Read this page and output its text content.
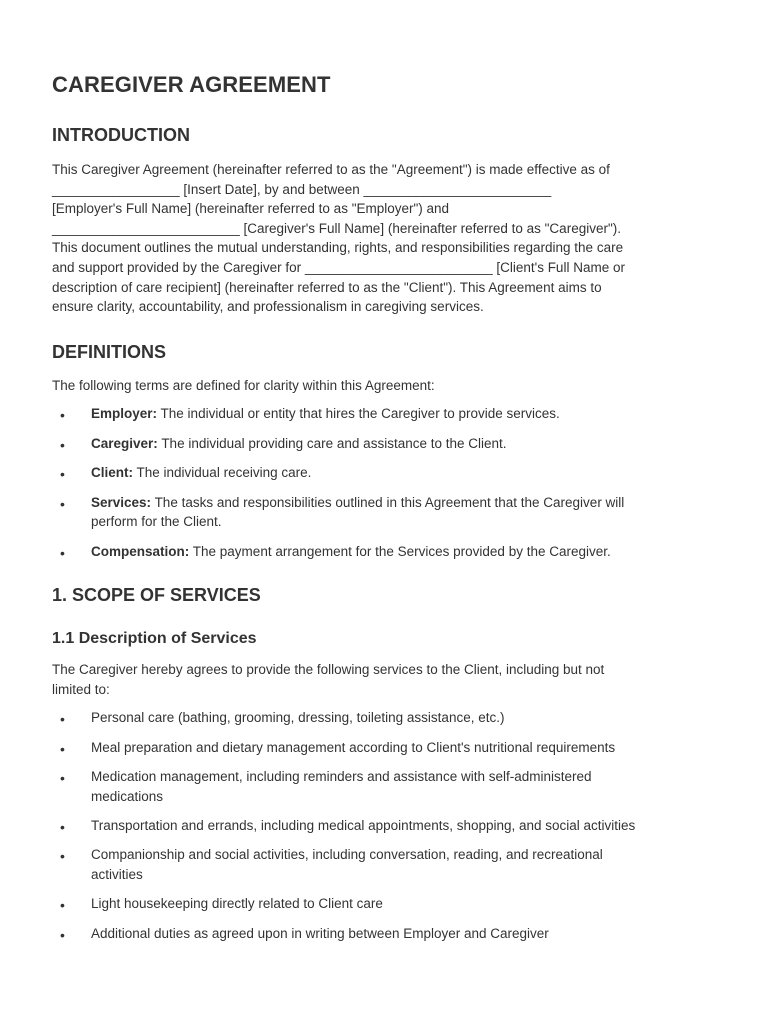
CAREGIVER AGREEMENT
INTRODUCTION

This Caregiver Agreement (hereinafter referred to as the "Agreement") is made effective as of

_________________ [Insert Date], by and between _________________________

[Employer's Full Name] (hereinafter referred to as "Employer") and

_________________________ [Caregiver's Full Name] (hereinafter referred to as "Caregiver").

This document outlines the mutual understanding, rights, and responsibilities regarding the care

and support provided by the Caregiver for _________________________ [Client's Full Name or

description of care recipient] (hereinafter referred to as the "Client"). This Agreement aims to

ensure clarity, accountability, and professionalism in caregiving services.

DEFINITIONS

The following terms are defined for clarity within this Agreement:

• Employer: The individual or entity that hires the Caregiver to provide services.
• Caregiver: The individual providing care and assistance to the Client.
• Client: The individual receiving care.
• Services: The tasks and responsibilities outlined in this Agreement that the Caregiver will
perform for the Client.
• Compensation: The payment arrangement for the Services provided by the Caregiver.
1. SCOPE OF SERVICES
1.1 Description of Services

The Caregiver hereby agrees to provide the following services to the Client, including but not

limited to:

• Personal care (bathing, grooming, dressing, toileting assistance, etc.)
• Meal preparation and dietary management according to Client's nutritional requirements
• Medication management, including reminders and assistance with self-administered
medications
• Transportation and errands, including medical appointments, shopping, and social activities
• Companionship and social activities, including conversation, reading, and recreational
activities
• Light housekeeping directly related to Client care
• Additional duties as agreed upon in writing between Employer and Caregiver
